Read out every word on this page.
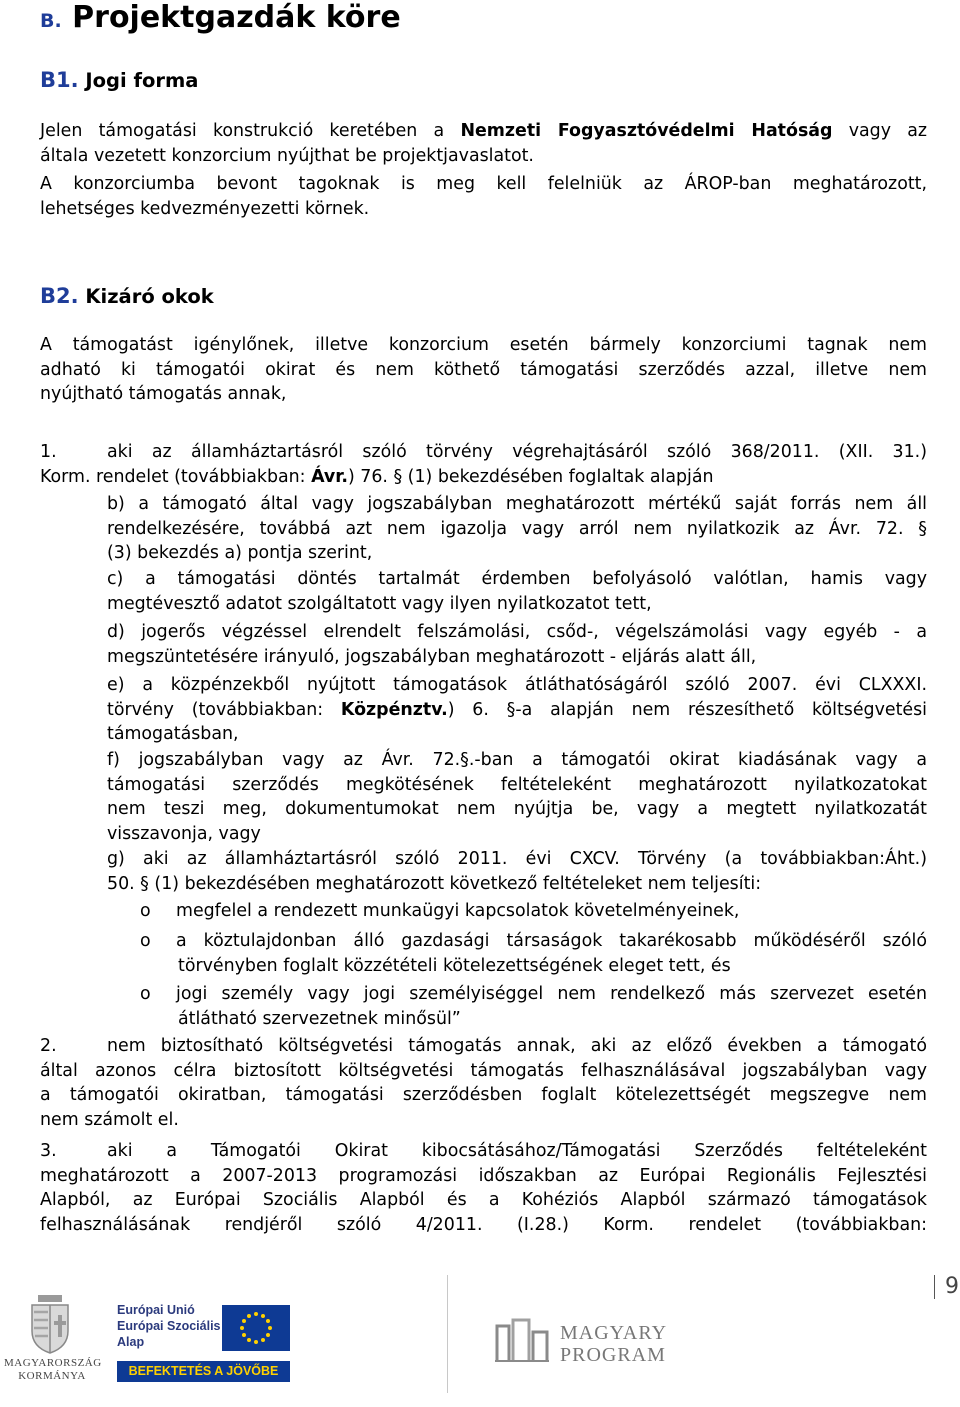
B. Projektgazdák köre
B1. Jogi forma
Jelen támogatási konstrukció keretében a Nemzeti Fogyasztóvédelmi Hatóság vagy az
általa vezetett konzorcium nyújthat be projektjavaslatot.
A konzorciumba bevont tagoknak is meg kell felelniük az ÁROP-ban meghatározott,
lehetséges kedvezményezetti körnek.
B2. Kizáró okok
A támogatást igénylőnek, illetve konzorcium esetén bármely konzorciumi tagnak nem
adható ki támogatói okirat és nem köthető támogatási szerződés azzal, illetve nem
nyújtható támogatás annak,
1.	aki az államháztartásról szóló törvény végrehajtásáról szóló 368/2011. (XII. 31.)
Korm. rendelet (továbbiakban: Ávr.) 76. § (1) bekezdésében foglaltak alapján
b) a támogató által vagy jogszabályban meghatározott mértékű saját forrás nem áll
rendelkezésére, továbbá azt nem igazolja vagy arról nem nyilatkozik az Ávr. 72. §
(3) bekezdés a) pontja szerint,
c) a támogatási döntés tartalmát érdemben befolyásoló valótlan, hamis vagy
megtévesztő adatot szolgáltatott vagy ilyen nyilatkozatot tett,
d) jogerős végzéssel elrendelt felszámolási, csőd-, végelszámolási vagy egyéb - a
megszüntetésére irányuló, jogszabályban meghatározott - eljárás alatt áll,
e) a közpénzekből nyújtott támogatások átláthatóságáról szóló 2007. évi CLXXXI.
törvény (továbbiakban: Közpénztv.) 6. §-a alapján nem részesíthető költségvetési
támogatásban,
f) jogszabályban vagy az Ávr. 72.§.-ban a támogatói okirat kiadásának vagy a
támogatási szerződés megkötésének feltételeként meghatározott nyilatkozatokat
nem teszi meg, dokumentumokat nem nyújtja be, vagy a megtett nyilatkozatát
visszavonja, vagy
g) aki az államháztartásról szóló 2011. évi CXCV. Törvény (a továbbiakban:Áht.)
50. § (1) bekezdésében meghatározott következő feltételeket nem teljesíti:
o megfelel a rendezett munkaügyi kapcsolatok követelményeinek,
o a köztulajdonban álló gazdasági társaságok takarékosabb működéséről szóló
törvényben foglalt közzétételi kötelezettségének eleget tett, és
o jogi személy vagy jogi személyiséggel nem rendelkező más szervezet esetén
átlátható szervezetnek minősül”
2.	nem biztosítható költségvetési támogatás annak, aki az előző években a támogató
által azonos célra biztosított költségvetési támogatás felhasználásával jogszabályban vagy
a támogatói okiratban, támogatási szerződésben foglalt kötelezettségét megszegve nem
nem számolt el.
3.	aki a Támogatói Okirat kibocsátásához/Támogatási Szerződés feltételeként
meghatározott a 2007-2013 programozási időszakban az Európai Regionális Fejlesztési
Alapból, az Európai Szociális Alapból és a Kohéziós Alapból származó támogatások
felhasználásának rendjéről szóló 4/2011. (I.28.) Korm. rendelet (továbbiakban:
9
MAGYARORSZÁG
KORMÁNYA
Európai Unió
Európai Szociális
Alap
BEFEKTETÉS A JÖVŐBE
MAGYARY
PROGRAM
